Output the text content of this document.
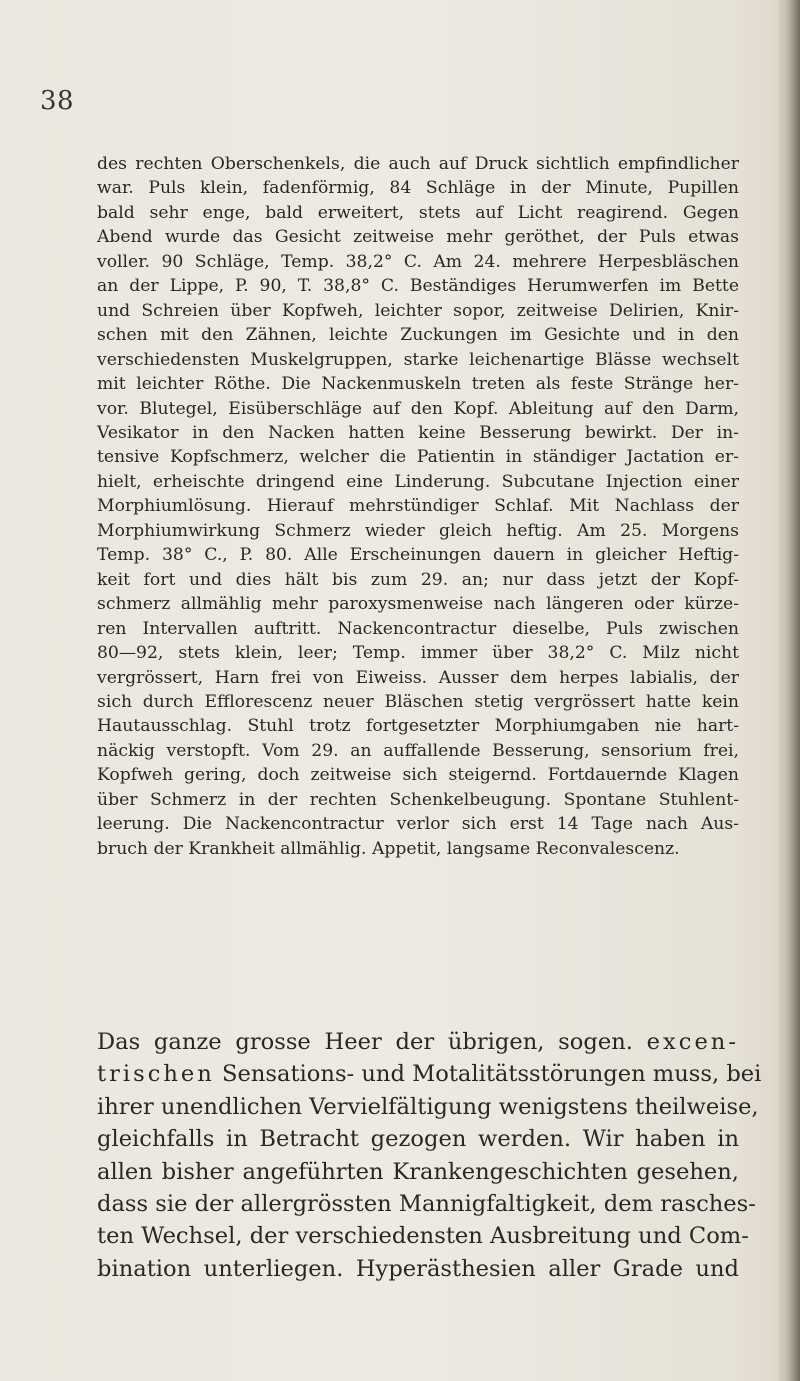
38

des rechten Oberschenkels, die auch auf Druck sichtlich empfindlicher
war. Puls klein, fadenförmig, 84 Schläge in der Minute, Pupillen
bald sehr enge, bald erweitert, stets auf Licht reagirend. Gegen
Abend wurde das Gesicht zeitweise mehr geröthet, der Puls etwas
voller. 90 Schläge, Temp. 38,2° C. Am 24. mehrere Herpesbläschen
an der Lippe, P. 90, T. 38,8° C. Beständiges Herumwerfen im Bette
und Schreien über Kopfweh, leichter sopor, zeitweise Delirien, Knir-
schen mit den Zähnen, leichte Zuckungen im Gesichte und in den
verschiedensten Muskelgruppen, starke leichenartige Blässe wechselt
mit leichter Röthe. Die Nackenmuskeln treten als feste Stränge her-
vor. Blutegel, Eisüberschläge auf den Kopf. Ableitung auf den Darm,
Vesikator in den Nacken hatten keine Besserung bewirkt. Der in-
tensive Kopfschmerz, welcher die Patientin in ständiger Jactation er-
hielt, erheischte dringend eine Linderung. Subcutane Injection einer
Morphiumlösung. Hierauf mehrstündiger Schlaf. Mit Nachlass der
Morphiumwirkung Schmerz wieder gleich heftig. Am 25. Morgens
Temp. 38° C., P. 80. Alle Erscheinungen dauern in gleicher Heftig-
keit fort und dies hält bis zum 29. an; nur dass jetzt der Kopf-
schmerz allmählig mehr paroxysmenweise nach längeren oder kürze-
ren Intervallen auftritt. Nackencontractur dieselbe, Puls zwischen
80—92, stets klein, leer; Temp. immer über 38,2° C. Milz nicht
vergrössert, Harn frei von Eiweiss. Ausser dem herpes labialis, der
sich durch Efflorescenz neuer Bläschen stetig vergrössert hatte kein
Hautausschlag. Stuhl trotz fortgesetzter Morphiumgaben nie hart-
näckig verstopft. Vom 29. an auffallende Besserung, sensorium frei,
Kopfweh gering, doch zeitweise sich steigernd. Fortdauernde Klagen
über Schmerz in der rechten Schenkelbeugung. Spontane Stuhlent-
leerung. Die Nackencontractur verlor sich erst 14 Tage nach Aus-
bruch der Krankheit allmählig. Appetit, langsame Reconvalescenz.

Das ganze grosse Heer der übrigen, sogen. excen-
trischen Sensations- und Motalitätsstörungen muss, bei
ihrer unendlichen Vervielfältigung wenigstens theilweise,
gleichfalls in Betracht gezogen werden. Wir haben in
allen bisher angeführten Krankengeschichten gesehen,
dass sie der allergrössten Mannigfaltigkeit, dem rasches-
ten Wechsel, der verschiedensten Ausbreitung und Com-
bination unterliegen. Hyperästhesien aller Grade und
